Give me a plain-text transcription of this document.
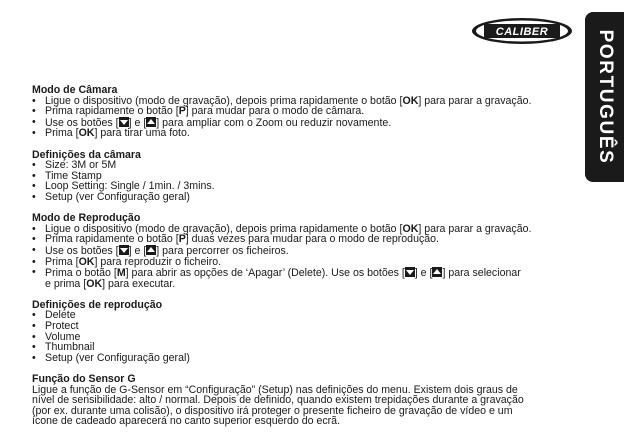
CALIBER PORTUGUÊS
Modo de Câmara
• Ligue o dispositivo (modo de gravação), depois prima rapidamente o botão [OK] para parar a gravação.
• Prima rapidamente o botão [P] para mudar para o modo de câmara.
• Use os botões [ ] e [ ] para ampliar com o Zoom ou reduzir novamente.
• Prima [OK] para tirar uma foto.
Definições da câmara
• Size: 3M or 5M
• Time Stamp
• Loop Setting: Single / 1min. / 3mins.
• Setup (ver Configuração geral)
Modo de Reprodução
• Ligue o dispositivo (modo de gravação), depois prima rapidamente o botão [OK] para parar a gravação.
• Prima rapidamente o botão [P] duas vezes para mudar para o modo de reprodução.
• Use os botões [ ] e [ ] para percorrer os ficheiros.
• Prima [OK] para reproduzir o ficheiro.
• Prima o botão [M] para abrir as opções de ‘Apagar’ (Delete). Use os botões [ ] e [ ] para selecionar
e prima [OK] para executar.
Definições de reprodução
• Delete
• Protect
• Volume
• Thumbnail
• Setup (ver Configuração geral)
Função do Sensor G

Ligue a função de G-Sensor em “Configuração” (Setup) nas definições do menu. Existem dois graus de

nível de sensibilidade: alto / normal. Depois de definido, quando existem trepidações durante a gravação

(por ex. durante uma colisão), o dispositivo irá proteger o presente ficheiro de gravação de vídeo e um

ícone de cadeado aparecerá no canto superior esquerdo do ecrã.
